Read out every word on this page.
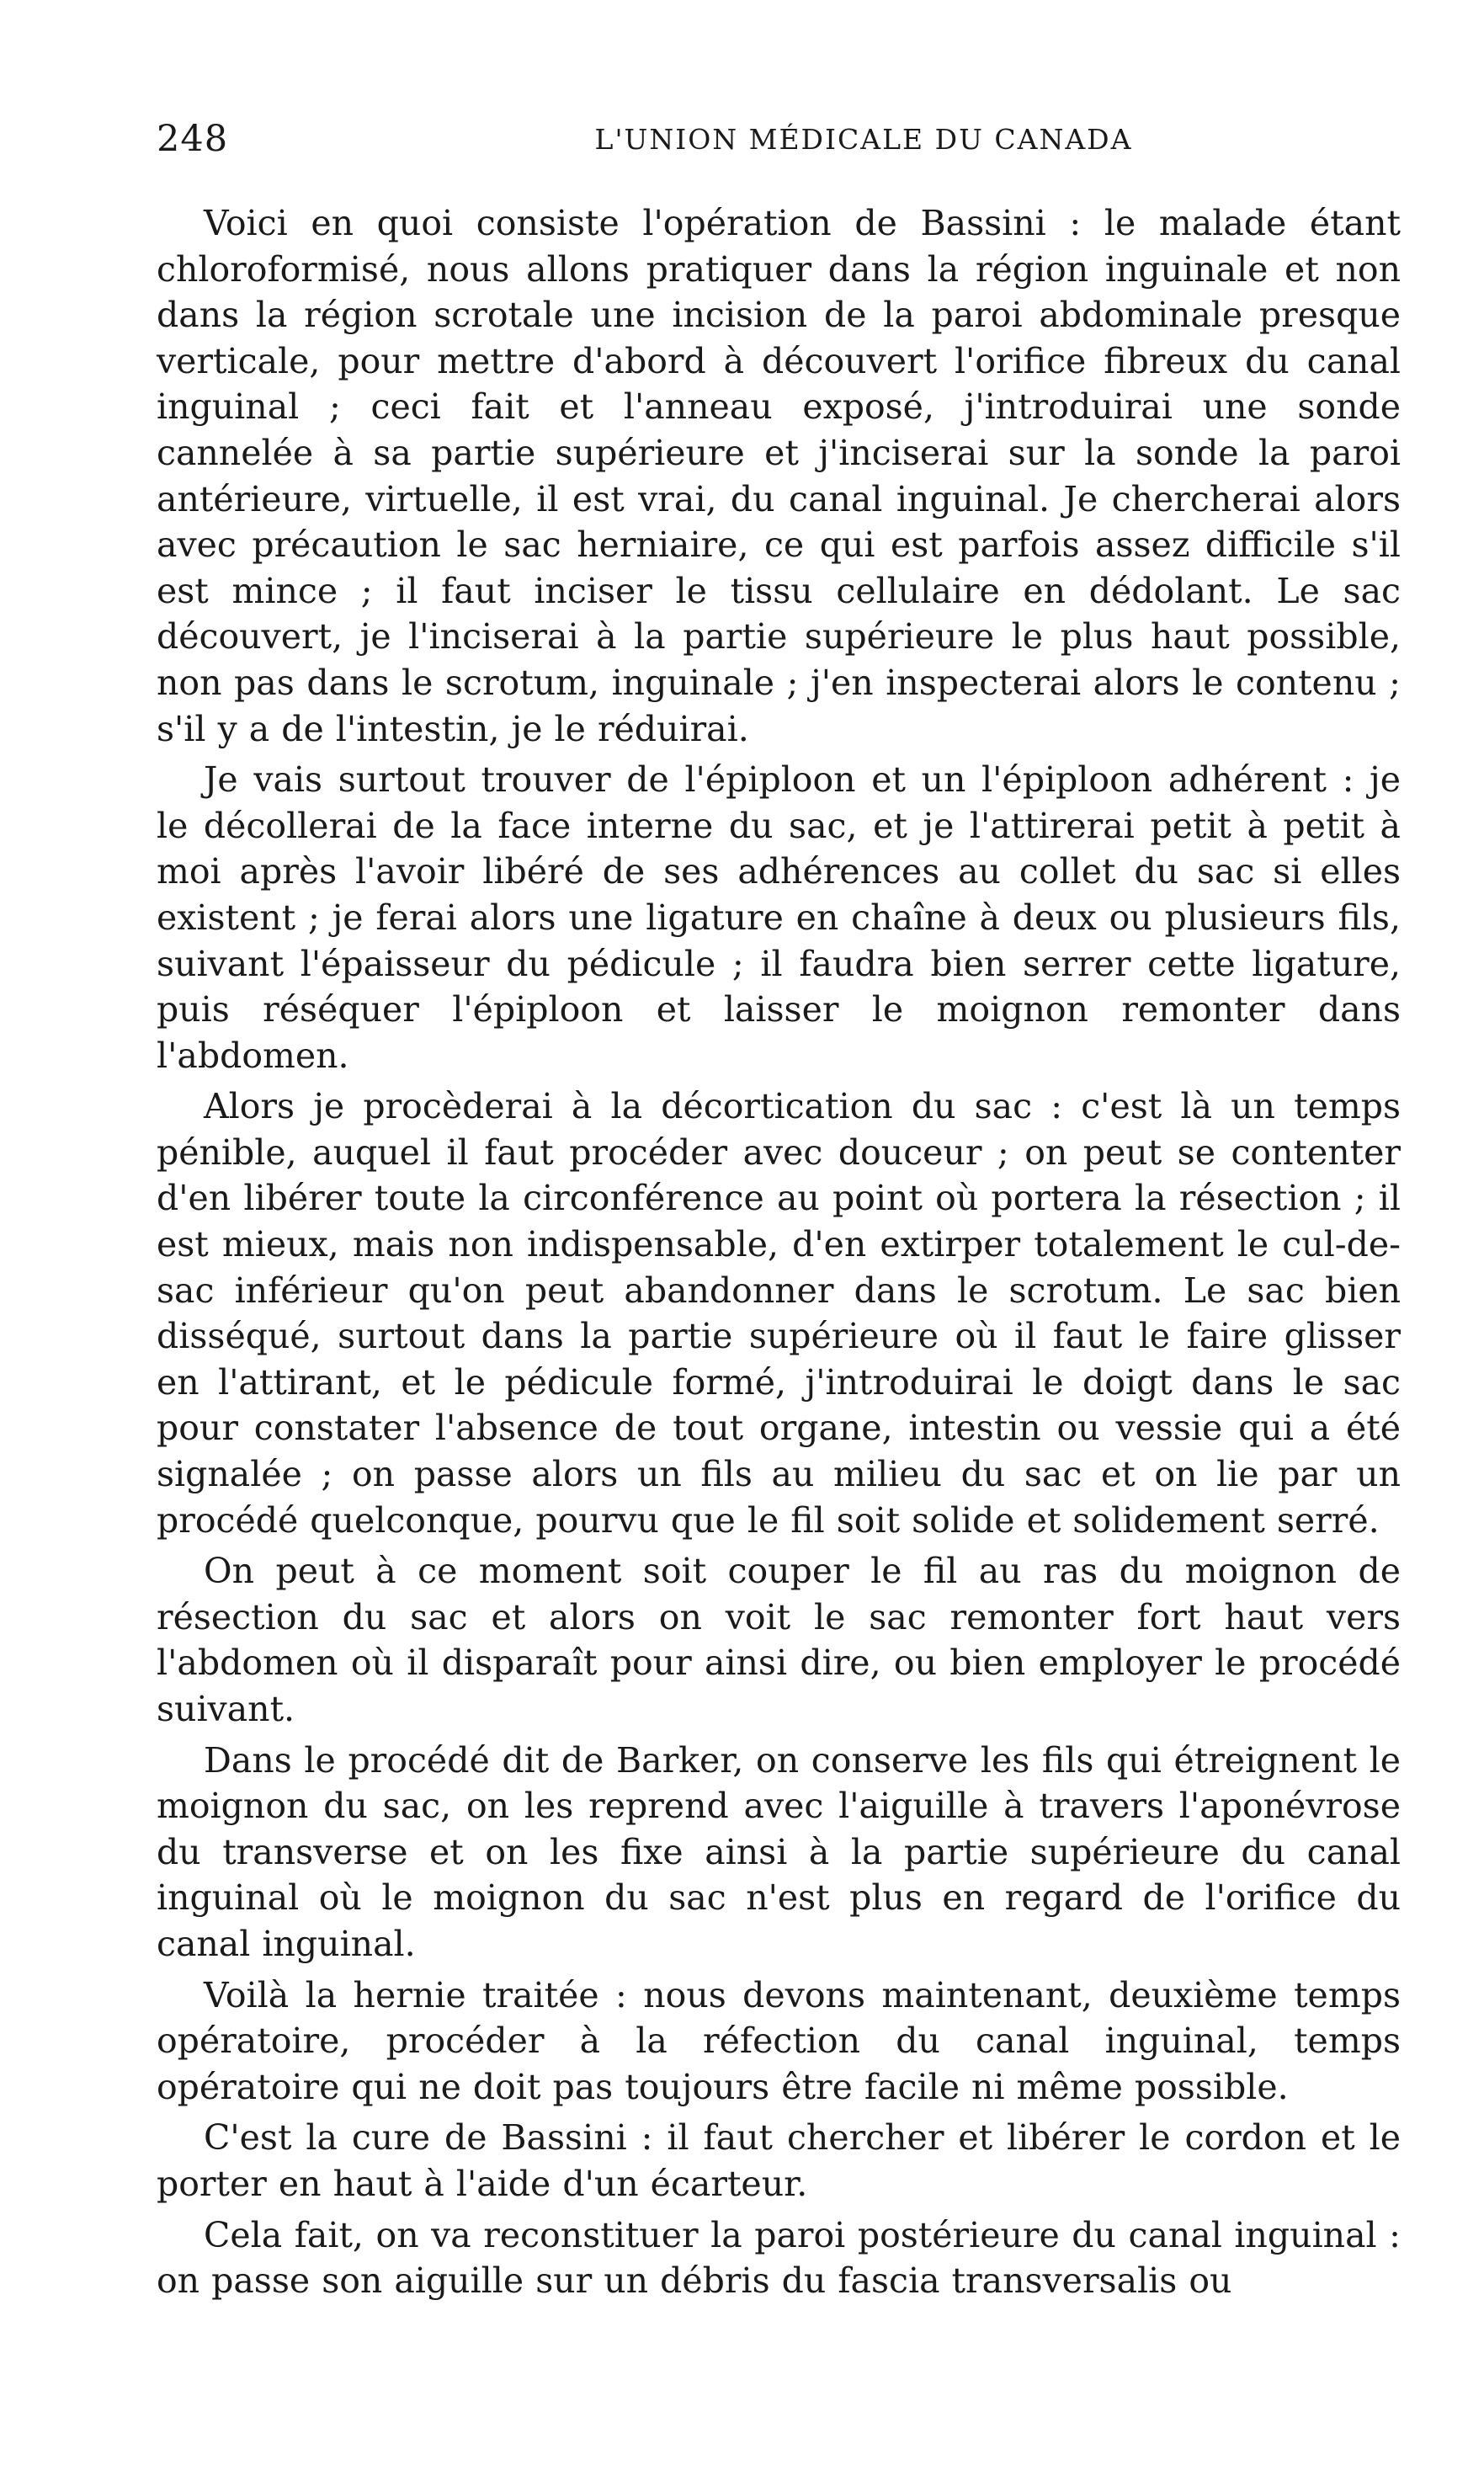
248	L'UNION MÉDICALE DU CANADA

Voici en quoi consiste l'opération de Bassini : le malade étant chloroformisé, nous allons pratiquer dans la région inguinale et non dans la région scrotale une incision de la paroi abdominale presque verticale, pour mettre d'abord à découvert l'orifice fibreux du canal inguinal ; ceci fait et l'anneau exposé, j'introduirai une sonde cannelée à sa partie supérieure et j'inciserai sur la sonde la paroi antérieure, virtuelle, il est vrai, du canal inguinal. Je chercherai alors avec précaution le sac herniaire, ce qui est parfois assez difficile s'il est mince ; il faut inciser le tissu cellulaire en dédolant. Le sac découvert, je l'inciserai à la partie supérieure le plus haut possible, non pas dans le scrotum, inguinale ; j'en inspecterai alors le contenu ; s'il y a de l'intestin, je le réduirai.

Je vais surtout trouver de l'épiploon et un l'épiploon adhérent : je le décollerai de la face interne du sac, et je l'attirerai petit à petit à moi après l'avoir libéré de ses adhérences au collet du sac si elles existent ; je ferai alors une ligature en chaîne à deux ou plusieurs fils, suivant l'épaisseur du pédicule ; il faudra bien serrer cette ligature, puis réséquer l'épiploon et laisser le moignon remonter dans l'abdomen.

Alors je procèderai à la décortication du sac : c'est là un temps pénible, auquel il faut procéder avec douceur ; on peut se contenter d'en libérer toute la circonférence au point où portera la résection ; il est mieux, mais non indispensable, d'en extirper totalement le cul-de-sac inférieur qu'on peut abandonner dans le scrotum. Le sac bien disséqué, surtout dans la partie supérieure où il faut le faire glisser en l'attirant, et le pédicule formé, j'introduirai le doigt dans le sac pour constater l'absence de tout organe, intestin ou vessie qui a été signalée ; on passe alors un fils au milieu du sac et on lie par un procédé quelconque, pourvu que le fil soit solide et solidement serré.

On peut à ce moment soit couper le fil au ras du moignon de résection du sac et alors on voit le sac remonter fort haut vers l'abdomen où il disparaît pour ainsi dire, ou bien employer le procédé suivant.

Dans le procédé dit de Barker, on conserve les fils qui étreignent le moignon du sac, on les reprend avec l'aiguille à travers l'aponévrose du transverse et on les fixe ainsi à la partie supérieure du canal inguinal où le moignon du sac n'est plus en regard de l'orifice du canal inguinal.

Voilà la hernie traitée : nous devons maintenant, deuxième temps opératoire, procéder à la réfection du canal inguinal, temps opératoire qui ne doit pas toujours être facile ni même possible.

C'est la cure de Bassini : il faut chercher et libérer le cordon et le porter en haut à l'aide d'un écarteur.

Cela fait, on va reconstituer la paroi postérieure du canal inguinal : on passe son aiguille sur un débris du fascia transversalis ou
